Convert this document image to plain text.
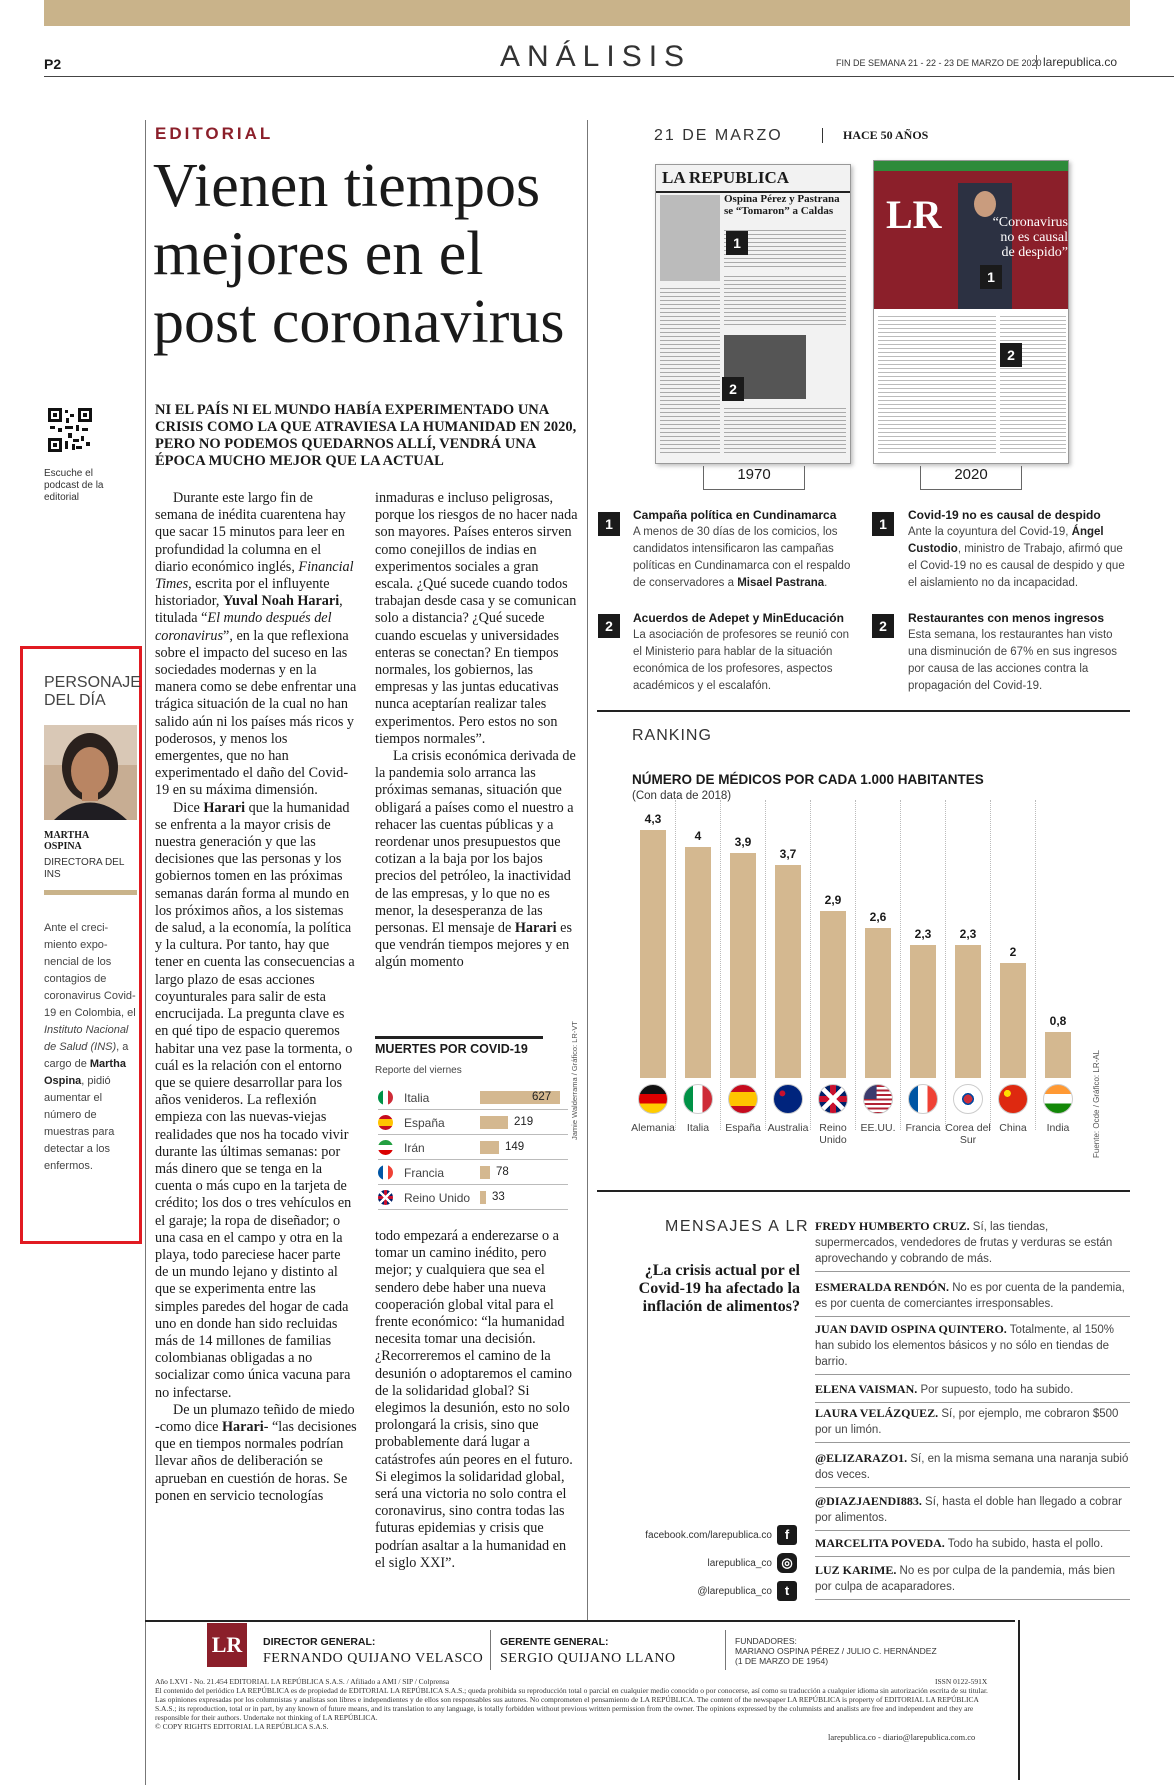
P2	ANÁLISIS	FIN DE SEMANA 21 - 22 - 23 DE MARZO DE 2020 larepublica.co
Escuche el podcast de la editorial
PERSONAJE DEL DÍA
MARTHA OSPINA
DIRECTORA DEL INS
Ante el creci-miento expo-nencial de los contagios de coronavirus Covid-19 en Colombia, el Instituto Nacional de Salud (INS), a cargo de Martha Ospina, pidió aumentar el número de muestras para detectar a los enfermos.
EDITORIAL
Vienen tiempos mejores en el post coronavirus
NI EL PAÍS NI EL MUNDO HABÍA EXPERIMENTADO UNA CRISIS COMO LA QUE ATRAVIESA LA HUMANIDAD EN 2020, PERO NO PODEMOS QUEDARNOS ALLÍ, VENDRÁ UNA ÉPOCA MUCHO MEJOR QUE LA ACTUAL

Durante este largo fin de semana de inédita cuarentena hay que sacar 15 minutos para leer en profundidad la columna en el diario económico inglés, Financial Times, escrita por el influyente historiador, Yuval Noah Harari, titulada “El mundo después del coronavirus”, en la que reflexiona sobre el impacto del suceso en las sociedades modernas y en la manera como se debe enfrentar una trágica situación de la cual no han salido aún ni los países más ricos y poderosos, y menos los emergentes, que no han experimentado el daño del Covid-19 en su máxima dimensión.

Dice Harari que la humanidad se enfrenta a la mayor crisis de nuestra generación y que las decisiones que las personas y los gobiernos tomen en las próximas semanas darán forma al mundo en los próximos años, a los sistemas de salud, a la economía, la política y la cultura. Por tanto, hay que tener en cuenta las consecuencias a largo plazo de esas acciones coyunturales para salir de esta encrucijada. La pregunta clave es en qué tipo de espacio queremos habitar una vez pase la tormenta, o cuál es la relación con el entorno que se quiere desarrollar para los años venideros. La reflexión empieza con las nuevas-viejas realidades que nos ha tocado vivir durante las últimas semanas: por más dinero que se tenga en la cuenta o más cupo en la tarjeta de crédito; los dos o tres vehículos en el garaje; la ropa de diseñador; o una casa en el campo y otra en la playa, todo pareciese hacer parte de un mundo lejano y distinto al que se experimenta entre las simples paredes del hogar de cada uno en donde han sido recluidas más de 14 millones de familias colombianas obligadas a no socializar como única vacuna para no infectarse.

De un plumazo teñido de miedo -como dice Harari- “las decisiones que en tiempos normales podrían llevar años de deliberación se aprueban en cuestión de horas. Se ponen en servicio tecnologías

inmaduras e incluso peligrosas, porque los riesgos de no hacer nada son mayores. Países enteros sirven como conejillos de indias en experimentos sociales a gran escala. ¿Qué sucede cuando todos trabajan desde casa y se comunican solo a distancia? ¿Qué sucede cuando escuelas y universidades enteras se conectan? En tiempos normales, los gobiernos, las empresas y las juntas educativas nunca aceptarían realizar tales experimentos. Pero estos no son tiempos normales”.

La crisis económica derivada de la pandemia solo arranca las próximas semanas, situación que obligará a países como el nuestro a rehacer las cuentas públicas y a reordenar unos presupuestos que cotizan a la baja por los bajos precios del petróleo, la inactividad de las empresas, y lo que no es menor, la desesperanza de las personas. El mensaje de Harari es que vendrán tiempos mejores y en algún momento

MUERTES POR COVID-19
Reporte del viernes
Italia	627
España	219
Irán	149
Francia	78
Reino Unido 33
Jamie Walderrama / Gráfico: LR-VT

todo empezará a enderezarse o a tomar un camino inédito, pero mejor; y cualquiera que sea el sendero debe haber una nueva cooperación global vital para el frente económico: “la humanidad necesita tomar una decisión. ¿Recorreremos el camino de la desunión o adoptaremos el camino de la solidaridad global? Si elegimos la desunión, esto no solo prolongará la crisis, sino que probablemente dará lugar a catástrofes aún peores en el futuro. Si elegimos la solidaridad global, será una victoria no solo contra el coronavirus, sino contra todas las futuras epidemias y crisis que podrían asaltar a la humanidad en el siglo XXI”.

21 DE MARZO	HACE 50 AÑOS
LA REPUBLICA
Ospina Pérez y Pastrana se “Tomaron” a Caldas
1
2
1970
LR	“Coronavirus no es causal de despido”
1
2
2020
1
Campaña política en Cundinamarca
A menos de 30 días de los comicios, los candidatos intensificaron las campañas políticas en Cundinamarca con el respaldo de conservadores a Misael Pastrana.
2	Acuerdos de Adepet y MinEducación
La asociación de profesores se reunió con el Ministerio para hablar de la situación económica de los profesores, aspectos académicos y el escalafón.
1
Covid-19 no es causal de despido
Ante la coyuntura del Covid-19, Ángel Custodio, ministro de Trabajo, afirmó que el Covid-19 no es causal de despido y que el aislamiento no da incapacidad.
2	Restaurantes con menos ingresos
Esta semana, los restaurantes han visto una disminución de 67% en sus ingresos por causa de las acciones contra la propagación del Covid-19.
RANKING
NÚMERO DE MÉDICOS POR CADA 1.000 HABITANTES
(Con data de 2018)
4,3
Alemania
4
Italia
3,9
España
3,7
Australia
2,9
Reino Unido
2,6
EE.UU.
2,3
Francia
2,3
Corea del Sur
2
China
0,8
India	Fuente: Ocde / Gráfico: LR-AL
MENSAJES A LR
¿La crisis actual por el Covid-19 ha afectado la inflación de alimentos?
facebook.com/larepublica.co f
larepublica_co ◎
@larepublica_co t
FREDY HUMBERTO CRUZ. Sí, las tiendas, supermercados, vendedores de frutas y verduras se están aprovechando y cobrando de más.
ESMERALDA RENDÓN. No es por cuenta de la pandemia, es por cuenta de comerciantes irresponsables.
JUAN DAVID OSPINA QUINTERO. Totalmente, al 150% han subido los elementos básicos y no sólo en tiendas de barrio.
ELENA VAISMAN. Por supuesto, todo ha subido.
LAURA VELÁZQUEZ. Sí, por ejemplo, me cobraron $500 por un limón.
@ELIZARAZO1. Sí, en la misma semana una naranja subió dos veces.
@DIAZJAENDI883. Sí, hasta el doble han llegado a cobrar por alimentos.
MARCELITA POVEDA. Todo ha subido, hasta el pollo.
LUZ KARIME. No es por culpa de la pandemia, más bien por culpa de acaparadores.
LR	DIRECTOR GENERAL:
FERNANDO QUIJANO VELASCO
GERENTE GENERAL:
SERGIO QUIJANO LLANO
FUNDADORES:
MARIANO OSPINA PÉREZ / JULIO C. HERNÁNDEZ
(1 DE MARZO DE 1954)
Año LXVI - No. 21.454 EDITORIAL LA REPÚBLICA S.A.S. / Afiliado a AMI / SIP / Colprensa
El contenido del periódico LA REPÚBLICA es de propiedad de EDITORIAL LA REPÚBLICA S.A.S.; queda prohibida su reproducción total o parcial en cualquier medio conocido o por conocerse, así como su traducción a cualquier idioma sin autorización escrita de su titular. Las opiniones expresadas por los columnistas y analistas son libres e independientes y de ellos son responsables sus autores. No comprometen el pensamiento de LA REPÚBLICA. The content of the newspaper LA REPÚBLICA is property of EDITORIAL LA REPÚBLICA S.A.S.; its reproduction, total or in part, by any known of future means, and its translation to any language, is totally forbidden without previous written permission from the owner. The opinions expressed by the columnists and analists are free and independent and they are responsible for their authors. Undertake not thinking of LA REPÚBLICA.
© COPY RIGHTS EDITORIAL LA REPÚBLICA S.A.S.
ISSN 0122-591X
larepublica.co - diario@larepublica.com.co
